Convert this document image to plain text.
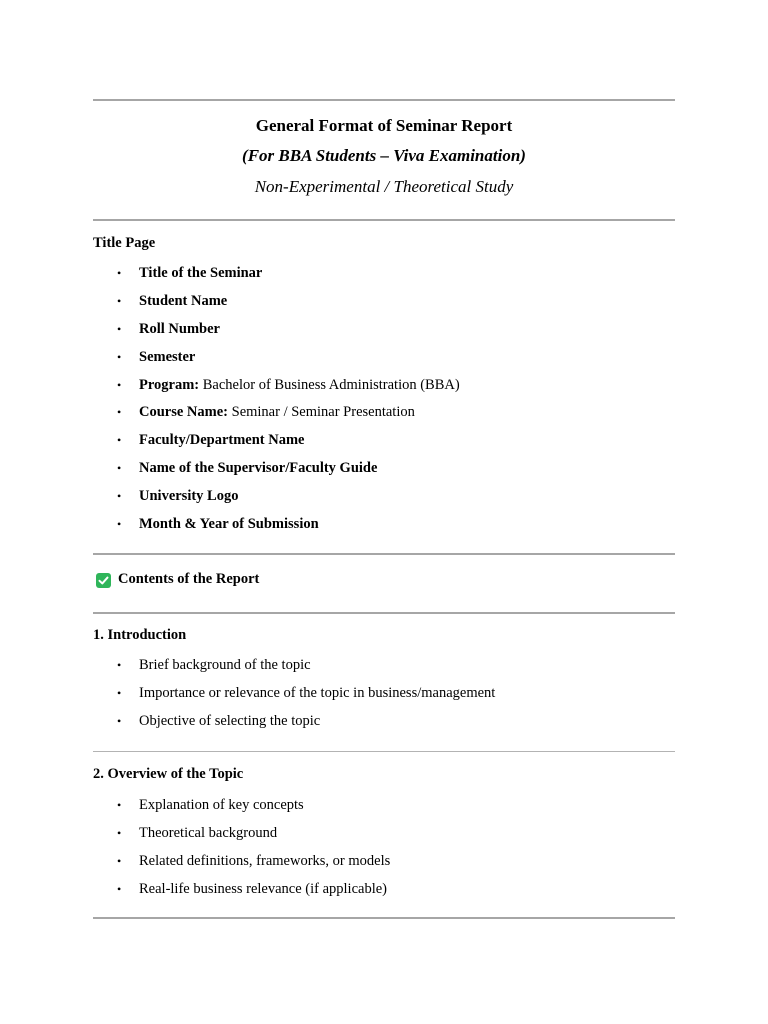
General Format of Seminar Report
(For BBA Students – Viva Examination)
Non-Experimental / Theoretical Study
Title Page
• Title of the Seminar
• Student Name
• Roll Number
• Semester
• Program: Bachelor of Business Administration (BBA)
• Course Name: Seminar / Seminar Presentation
• Faculty/Department Name
• Name of the Supervisor/Faculty Guide
• University Logo
• Month & Year of Submission
Contents of the Report
1. Introduction
• Brief background of the topic
• Importance or relevance of the topic in business/management
• Objective of selecting the topic
2. Overview of the Topic
• Explanation of key concepts
• Theoretical background
• Related definitions, frameworks, or models
• Real-life business relevance (if applicable)
